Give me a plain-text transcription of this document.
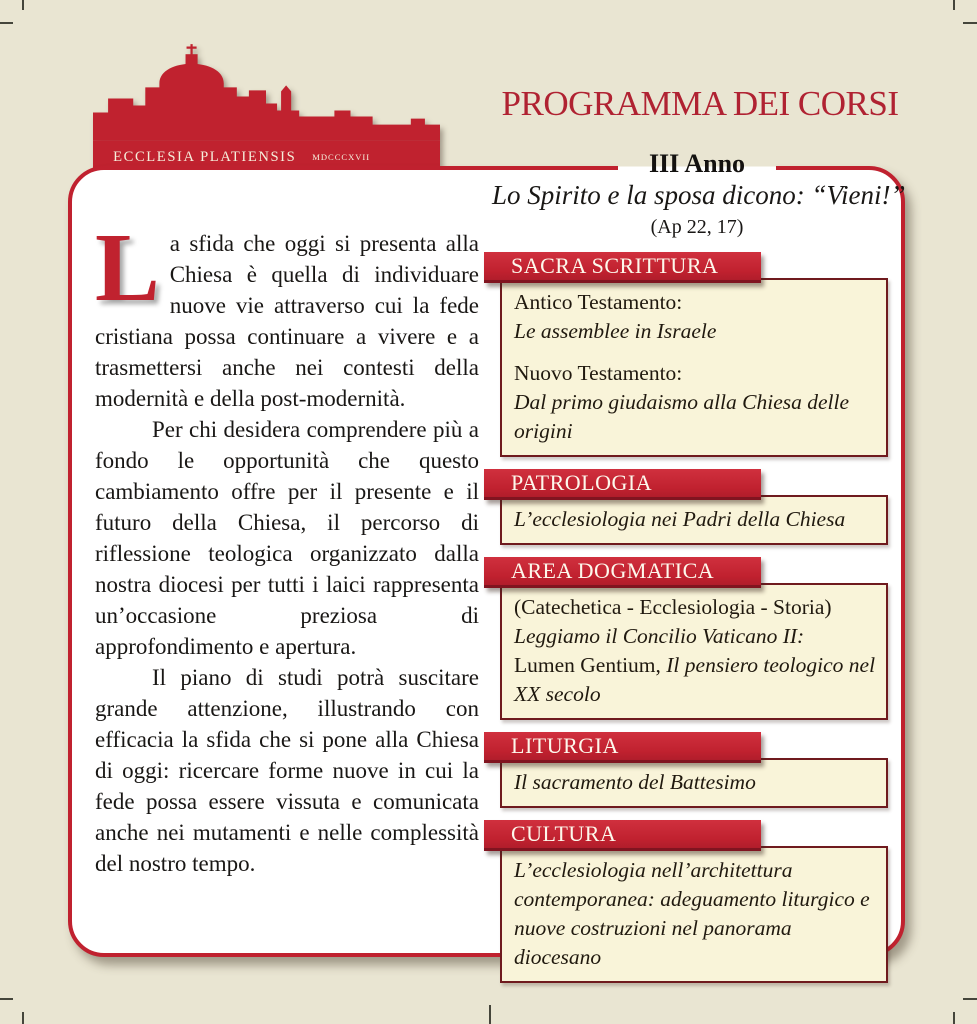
ECCLESIA PLATIENSIS MDCCCXVII
PROGRAMMA DEI CORSI
III Anno
Lo Spirito e la sposa dicono: “Vieni!”
(Ap 22, 17)

La sfida che oggi si presenta alla Chiesa è quella di individuare nuove vie attraverso cui la fede cristiana possa continuare a vivere e a trasmettersi anche nei contesti della modernità e della post-modernità.

Per chi desidera comprendere più a fondo le opportunità che questo cambiamento offre per il presente e il futuro della Chiesa, il percorso di riflessione teologica organizzato dalla nostra diocesi per tutti i laici rappresenta un’occasione preziosa di approfondimento e apertura.

Il piano di studi potrà suscitare grande attenzione, illustrando con efficacia la sfida che si pone alla Chiesa di oggi: ricercare forme nuove in cui la fede possa essere vissuta e comunicata anche nei mutamenti e nelle complessità del nostro tempo.

SACRA SCRITTURA
Antico Testamento:
Le assemblee in Israele
Nuovo Testamento:
Dal primo giudaismo alla Chiesa delle origini
PATROLOGIA
L’ecclesiologia nei Padri della Chiesa
AREA DOGMATICA
(Catechetica - Ecclesiologia - Storia)
Leggiamo il Concilio Vaticano II:
Lumen Gentium, Il pensiero teologico nel XX secolo
LITURGIA
Il sacramento del Battesimo
CULTURA
L’ecclesiologia nell’architettura contemporanea: adeguamento liturgico e nuove costruzioni nel panorama diocesano
